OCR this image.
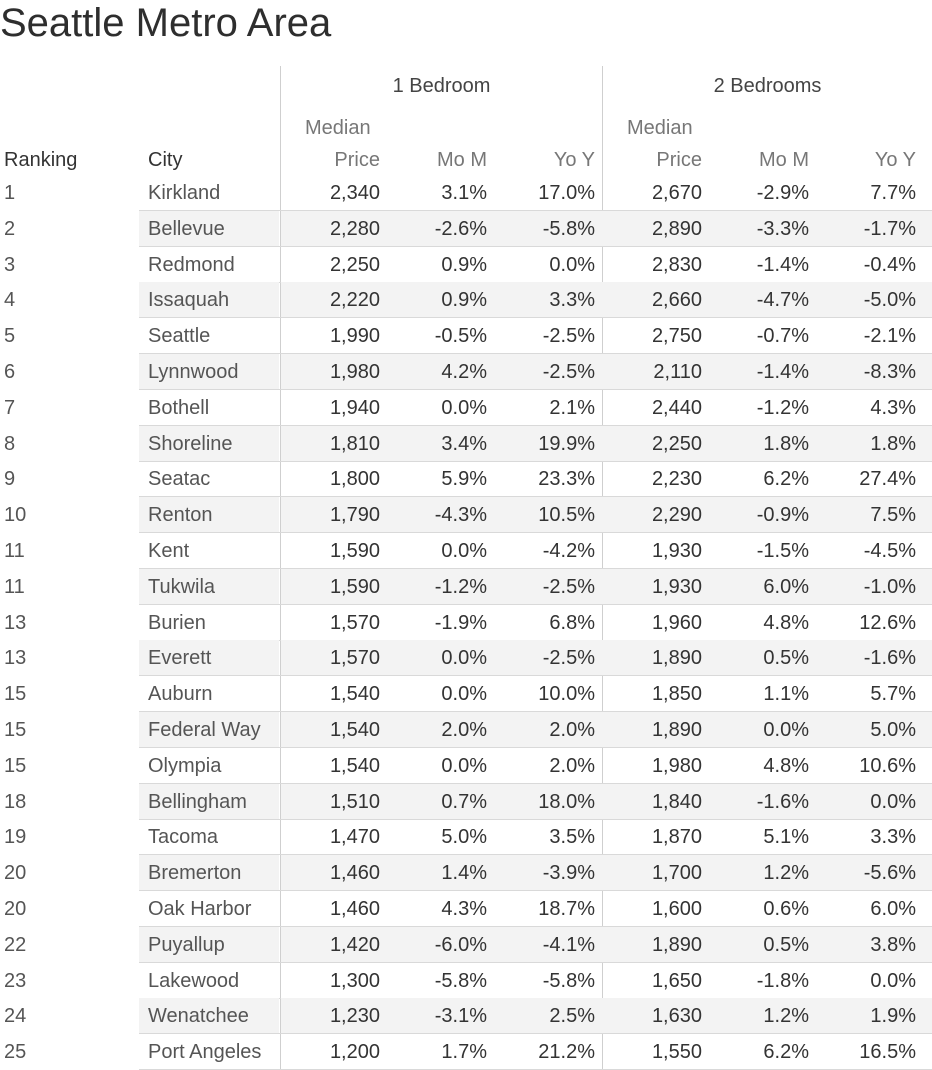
Seattle Metro Area
1 Bedroom	2 Bedrooms
Median
Price	Mo M	Yo Y
Median
Price	Mo M	Yo Y
Ranking	City
1	Kirkland	2,340	3.1%	17.0%	2,670	-2.9%	7.7%
2	Bellevue	2,280	-2.6%	-5.8%	2,890	-3.3%	-1.7%
3	Redmond	2,250	0.9%	0.0%	2,830	-1.4%	-0.4%
4	Issaquah	2,220	0.9%	3.3%	2,660	-4.7%	-5.0%
5	Seattle	1,990	-0.5%	-2.5%	2,750	-0.7%	-2.1%
6	Lynnwood	1,980	4.2%	-2.5%	2,110	-1.4%	-8.3%
7	Bothell	1,940	0.0%	2.1%	2,440	-1.2%	4.3%
8	Shoreline	1,810	3.4%	19.9%	2,250	1.8%	1.8%
9	Seatac	1,800	5.9%	23.3%	2,230	6.2%	27.4%
10	Renton	1,790	-4.3%	10.5%	2,290	-0.9%	7.5%
11	Kent	1,590	0.0%	-4.2%	1,930	-1.5%	-4.5%
11	Tukwila	1,590	-1.2%	-2.5%	1,930	6.0%	-1.0%
13	Burien	1,570	-1.9%	6.8%	1,960	4.8%	12.6%
13	Everett	1,570	0.0%	-2.5%	1,890	0.5%	-1.6%
15	Auburn	1,540	0.0%	10.0%	1,850	1.1%	5.7%
15	Federal Way	1,540	2.0%	2.0%	1,890	0.0%	5.0%
15	Olympia	1,540	0.0%	2.0%	1,980	4.8%	10.6%
18	Bellingham	1,510	0.7%	18.0%	1,840	-1.6%	0.0%
19	Tacoma	1,470	5.0%	3.5%	1,870	5.1%	3.3%
20	Bremerton	1,460	1.4%	-3.9%	1,700	1.2%	-5.6%
20	Oak Harbor	1,460	4.3%	18.7%	1,600	0.6%	6.0%
22	Puyallup	1,420	-6.0%	-4.1%	1,890	0.5%	3.8%
23	Lakewood	1,300	-5.8%	-5.8%	1,650	-1.8%	0.0%
24	Wenatchee	1,230	-3.1%	2.5%	1,630	1.2%	1.9%
25	Port Angeles	1,200	1.7%	21.2%	1,550	6.2%	16.5%
